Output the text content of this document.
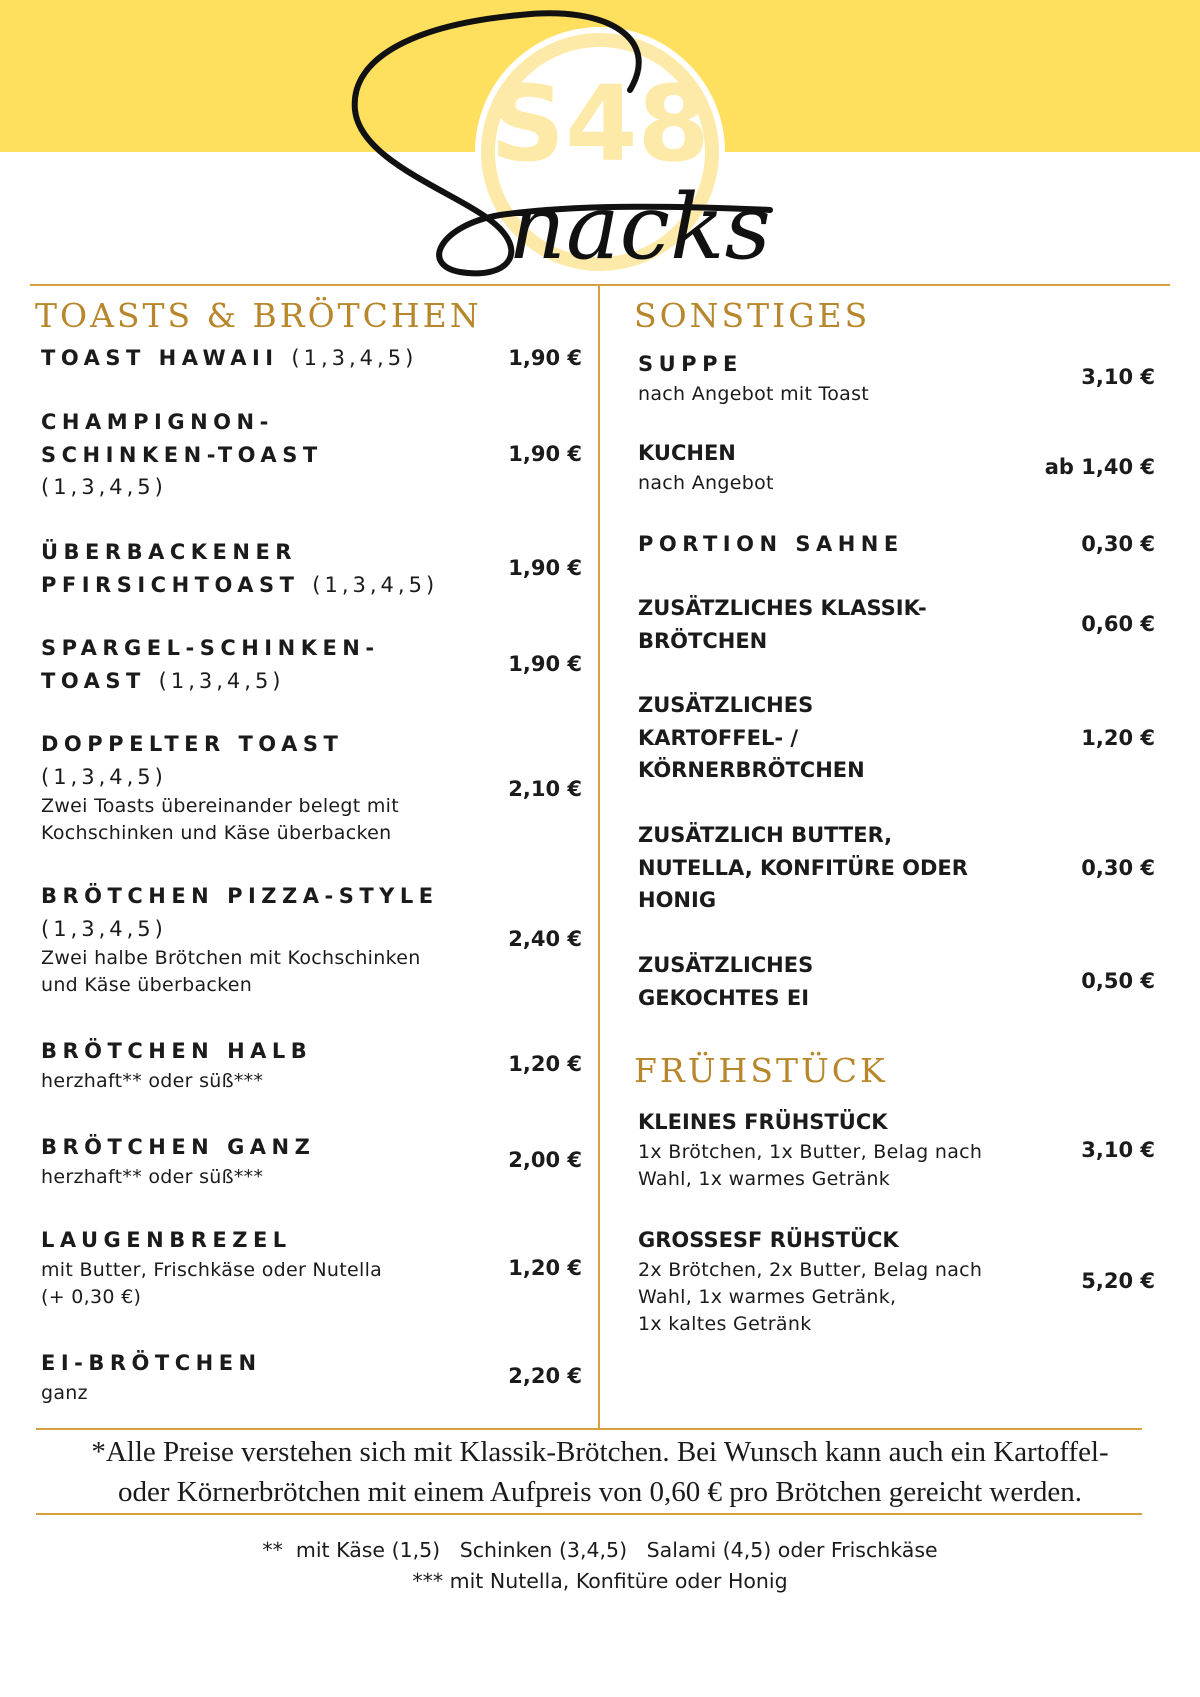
S48
nacks
TOASTS & BRÖTCHEN
TOAST HAWAII (1,3,4,5)	1,90 €
CHAMPIGNON-
SCHINKEN-TOAST
(1,3,4,5)
1,90 €
ÜBERBACKENER
PFIRSICHTOAST (1,3,4,5)
1,90 €
SPARGEL-SCHINKEN-
TOAST (1,3,4,5)
1,90 €
DOPPELTER TOAST
(1,3,4,5)
Zwei Toasts übereinander belegt mit
Kochschinken und Käse überbacken
2,10 €
BRÖTCHEN PIZZA-STYLE
(1,3,4,5)
Zwei halbe Brötchen mit Kochschinken
und Käse überbacken
2,40 €
BRÖTCHEN HALB
herzhaft** oder süß***
1,20 €
BRÖTCHEN GANZ
herzhaft** oder süß***
2,00 €
LAUGENBREZEL
mit Butter, Frischkäse oder Nutella
(+ 0,30 €)
1,20 €
EI-BRÖTCHEN
ganz
2,20 €
SONSTIGES
SUPPE
nach Angebot mit Toast
3,10 €
KUCHEN
nach Angebot
ab 1,40 €
PORTION SAHNE	0,30 €
ZUSÄTZLICHES KLASSIK-
BRÖTCHEN
0,60 €
ZUSÄTZLICHES
KARTOFFEL- /
KÖRNERBRÖTCHEN
1,20 €
ZUSÄTZLICH BUTTER,
NUTELLA, KONFITÜRE ODER
HONIG
0,30 €
ZUSÄTZLICHES
GEKOCHTES EI
0,50 €
FRÜHSTÜCK
KLEINES FRÜHSTÜCK
1x Brötchen, 1x Butter, Belag nach
Wahl, 1x warmes Getränk
3,10 €
GROSSESF RÜHSTÜCK
2x Brötchen, 2x Butter, Belag nach
Wahl, 1x warmes Getränk,
1x kaltes Getränk
5,20 €
*Alle Preise verstehen sich mit Klassik-Brötchen. Bei Wunsch kann auch ein Kartoffel-
oder Körnerbrötchen mit einem Aufpreis von 0,60 € pro Brötchen gereicht werden.
**  mit Käse (1,5)   Schinken (3,4,5)   Salami (4,5) oder Frischkäse
*** mit Nutella, Konfitüre oder Honig
